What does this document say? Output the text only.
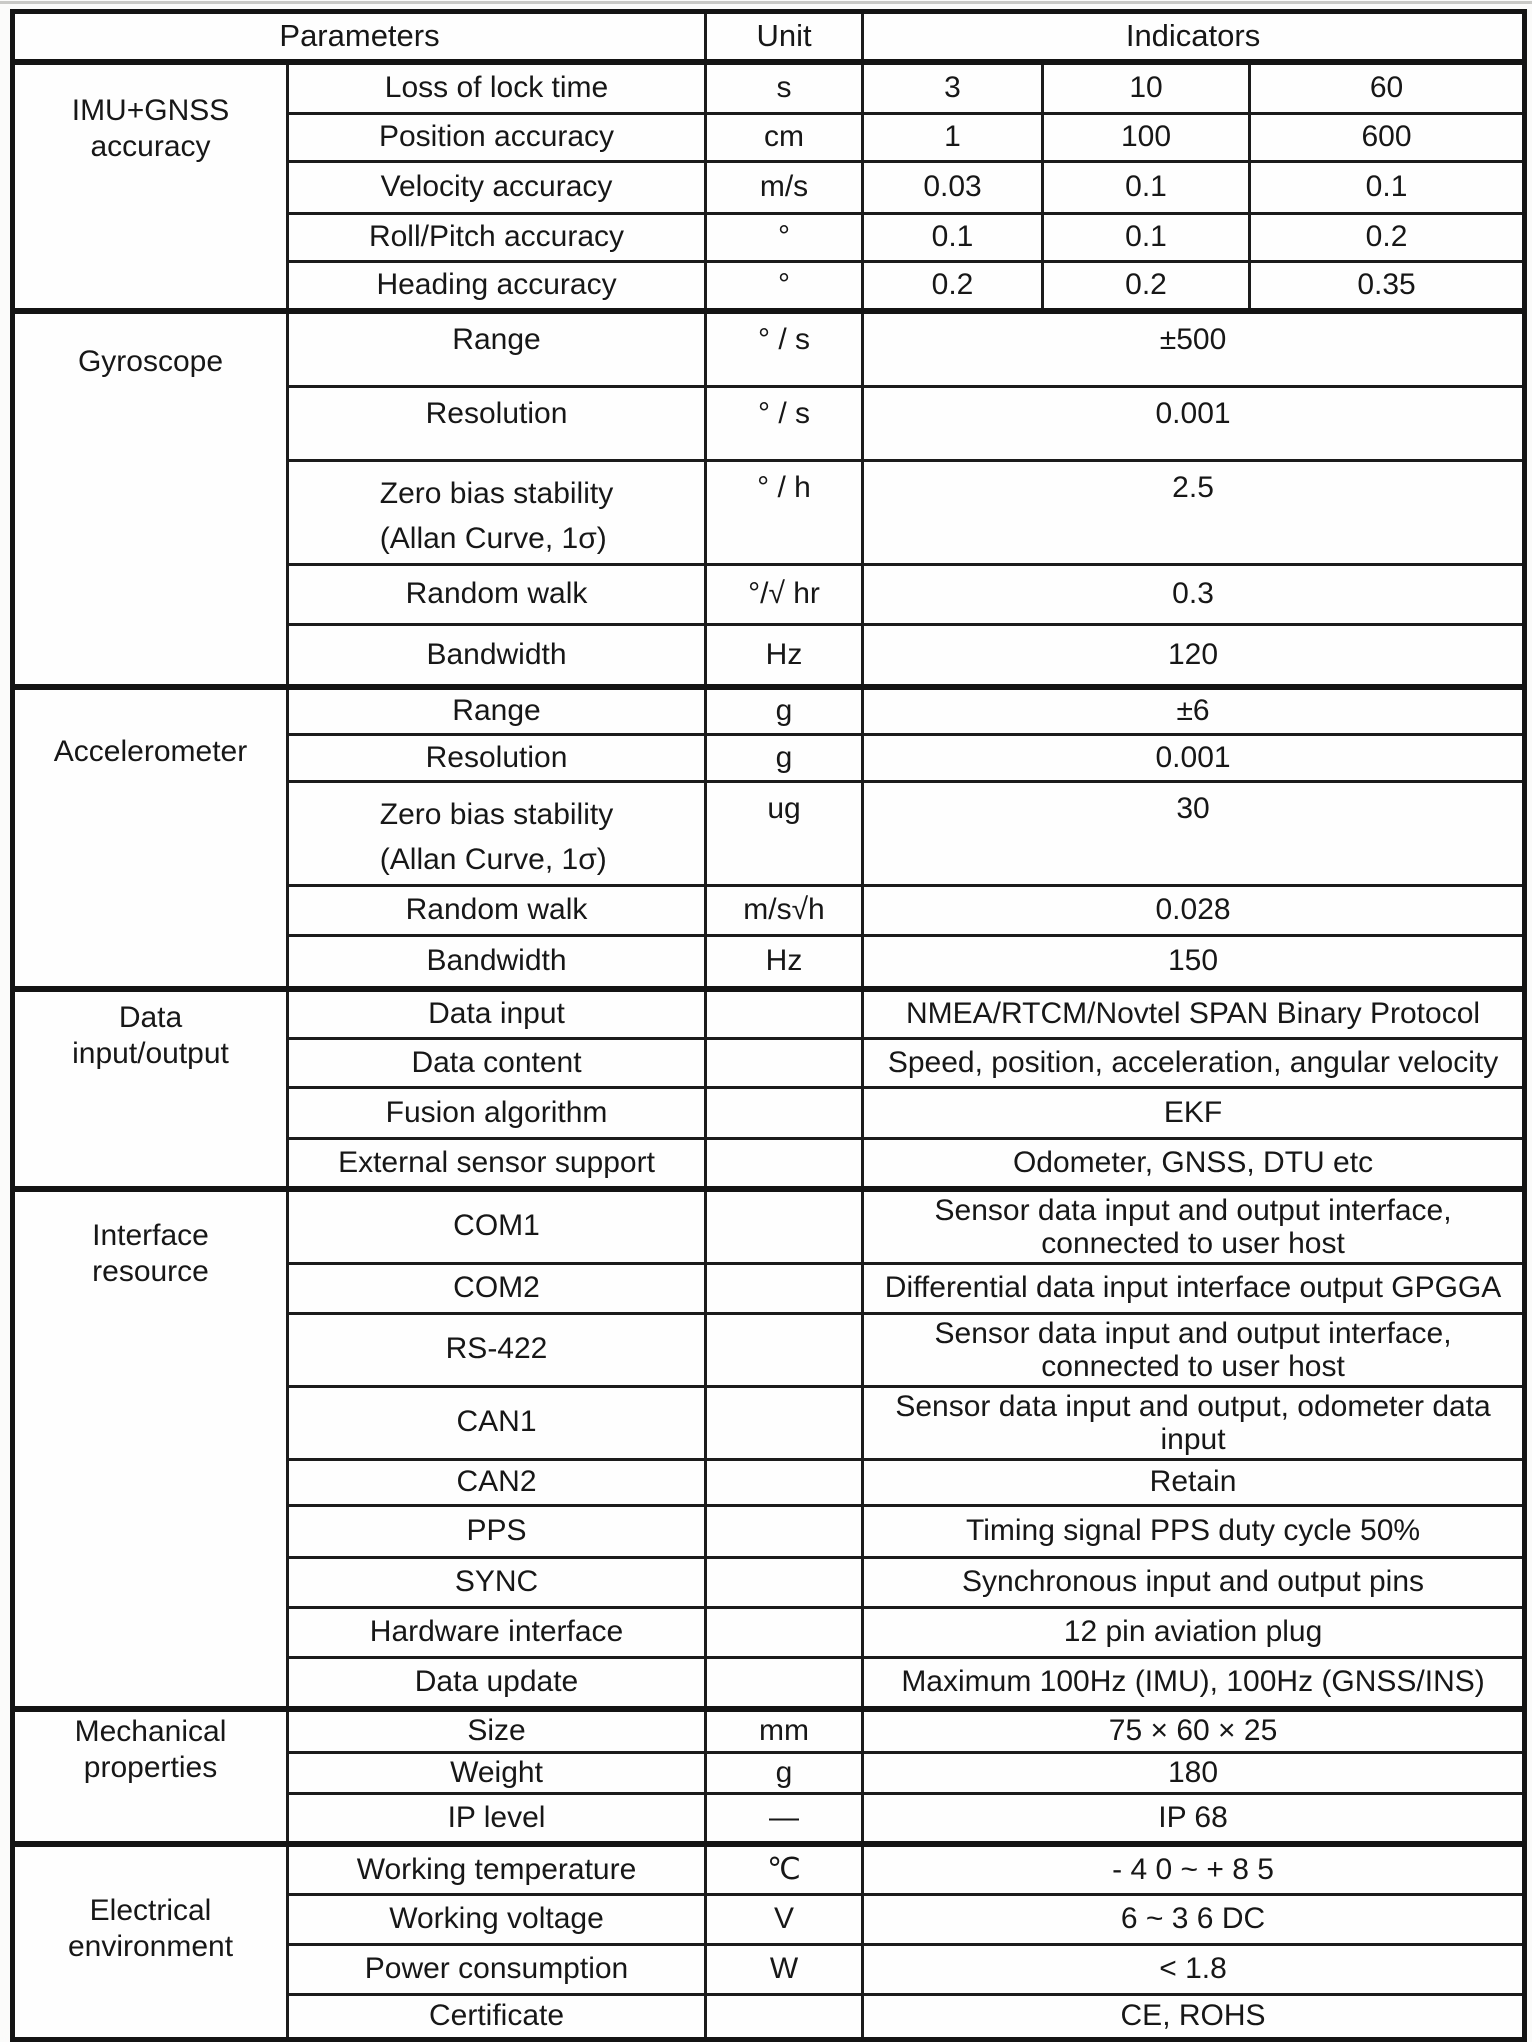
Parameters		Unit	Indicators		

IMU+GNSS
accuracy	Loss of lock time	s	3	10	60
	Position accuracy	cm	1	100	600
	Velocity accuracy	m/s	0.03	0.1	0.1
	Roll/Pitch accuracy	°	0.1	0.1	0.2
	Heading accuracy	°	0.2	0.2	0.35

Gyroscope	Range	° / s	±500		
	Resolution	° / s	0.001		

	Zero bias stability
(Allan Curve, 1σ)	° / h	2.5		
	Random walk	°/√ hr	0.3		
	Bandwidth	Hz	120		

Accelerometer	Range	g	±6		
	Resolution	g	0.001		

	Zero bias stability
(Allan Curve, 1σ)	ug	30		
	Random walk	m/s√h	0.028		
	Bandwidth	Hz	150		

Data
input/output	Data input		NMEA/RTCM/Novtel SPAN Binary Protocol		
	Data content		Speed, position, acceleration, angular velocity		
	Fusion algorithm		EKF		
	External sensor support		Odometer, GNSS, DTU etc		

Interface
resource	COM1		Sensor data input and output interface, connected to user host		
	COM2		Differential data input interface output GPGGA		
	RS-422		Sensor data input and output interface, connected to user host		
	CAN1		Sensor data input and output, odometer data input		
	CAN2		Retain		
	PPS		Timing signal PPS duty cycle 50%		
	SYNC		Synchronous input and output pins		
	Hardware interface		12 pin aviation plug		
	Data update		Maximum 100Hz (IMU), 100Hz (GNSS/INS)		

Mechanical
properties	Size	mm	75 × 60 × 25		
	Weight	g	180		
	IP level	—	IP 68		

Electrical
environment	Working temperature	℃	- 4 0 ~ + 8 5		
	Working voltage	V	6 ~ 3 6 DC		
	Power consumption	W	< 1.8		
	Certificate		CE, ROHS		
